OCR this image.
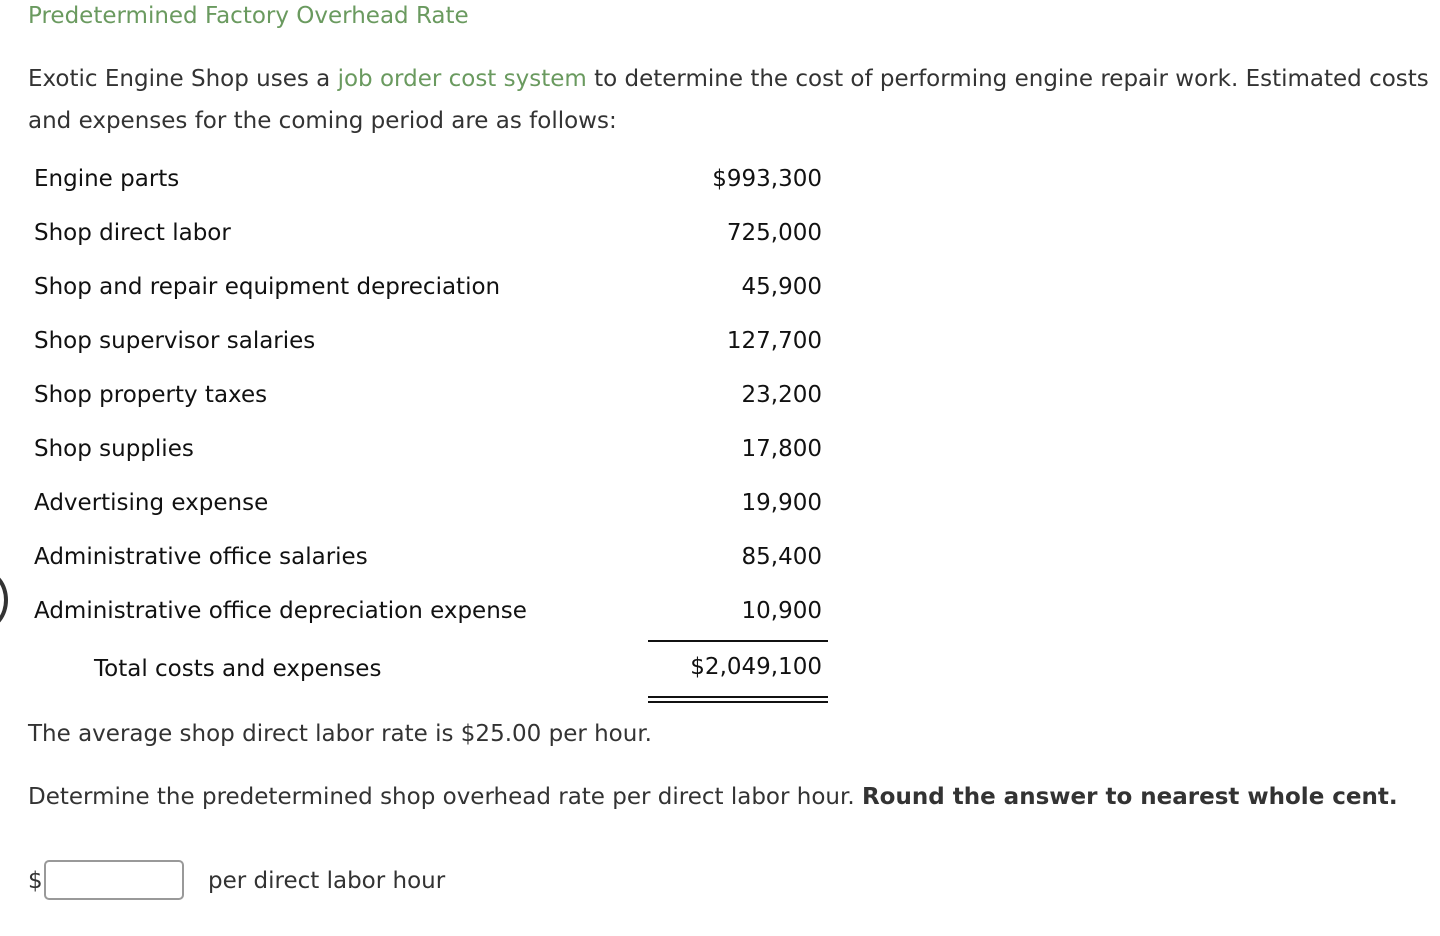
Predetermined Factory Overhead Rate
Exotic Engine Shop uses a job order cost system to determine the cost of performing engine repair work. Estimated costs and expenses for the coming period are as follows:
Engine parts	$993,300
Shop direct labor	725,000
Shop and repair equipment depreciation	45,900
Shop supervisor salaries	127,700
Shop property taxes	23,200
Shop supplies	17,800
Advertising expense	19,900
Administrative office salaries	85,400
Administrative office depreciation expense	10,900
Total costs and expenses	$2,049,100
The average shop direct labor rate is $25.00 per hour.
Determine the predetermined shop overhead rate per direct labor hour. Round the answer to nearest whole cent.
$	per direct labor hour
